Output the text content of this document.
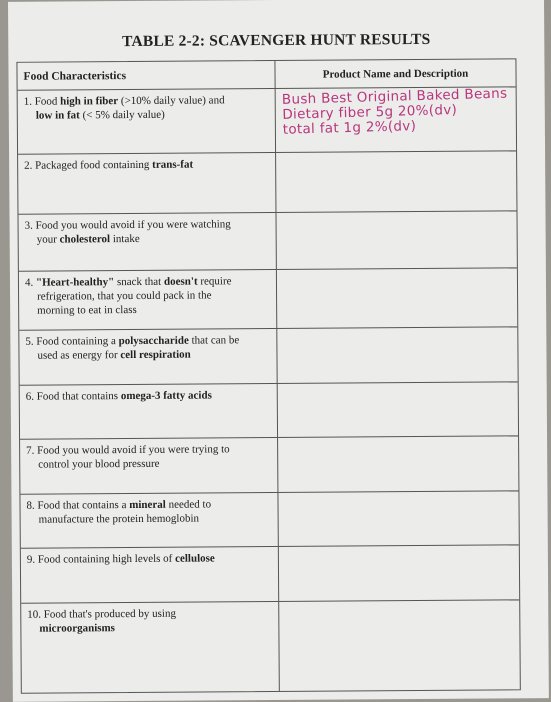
TABLE 2-2: SCAVENGER HUNT RESULTS
Food Characteristics	Product Name and Description
1. Food high in fiber (>10% daily value) and
low in fat (< 5% daily value)
Bush Best Original Baked Beans
Dietary fiber 5g 20%(dv)
total fat 1g 2%(dv)
2. Packaged food containing trans-fat
3. Food you would avoid if you were watching
your cholesterol intake
4. "Heart-healthy" snack that doesn't require
refrigeration, that you could pack in the
morning to eat in class
5. Food containing a polysaccharide that can be
used as energy for cell respiration
6. Food that contains omega-3 fatty acids
7. Food you would avoid if you were trying to
control your blood pressure
8. Food that contains a mineral needed to
manufacture the protein hemoglobin
9. Food containing high levels of cellulose
10. Food that's produced by using
microorganisms
